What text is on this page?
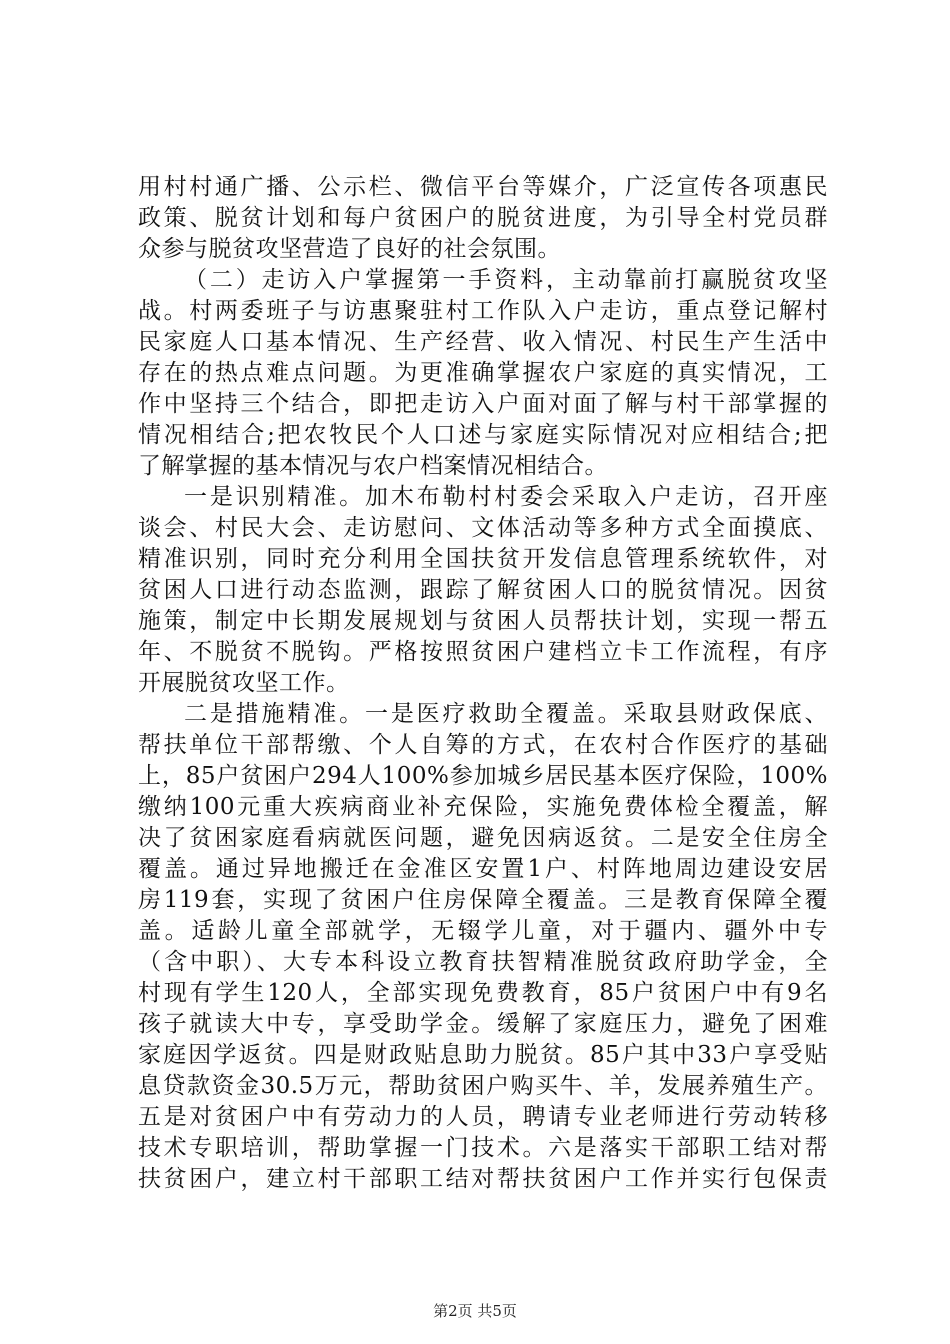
用村村通广播、公示栏、微信平台等媒介，广泛宣传各项惠民
政策、脱贫计划和每户贫困户的脱贫进度，为引导全村党员群
众参与脱贫攻坚营造了良好的社会氛围。
（二）走访入户掌握第一手资料，主动靠前打赢脱贫攻坚
战。村两委班子与访惠聚驻村工作队入户走访，重点登记解村
民家庭人口基本情况、生产经营、收入情况、村民生产生活中
存在的热点难点问题。为更准确掌握农户家庭的真实情况，工
作中坚持三个结合，即把走访入户面对面了解与村干部掌握的
情况相结合;把农牧民个人口述与家庭实际情况对应相结合;把
了解掌握的基本情况与农户档案情况相结合。
一是识别精准。加木布勒村村委会采取入户走访，召开座
谈会、村民大会、走访慰问、文体活动等多种方式全面摸底、
精准识别，同时充分利用全国扶贫开发信息管理系统软件，对
贫困人口进行动态监测，跟踪了解贫困人口的脱贫情况。因贫
施策，制定中长期发展规划与贫困人员帮扶计划，实现一帮五
年、不脱贫不脱钩。严格按照贫困户建档立卡工作流程，有序
开展脱贫攻坚工作。
二是措施精准。一是医疗救助全覆盖。采取县财政保底、
帮扶单位干部帮缴、个人自筹的方式，在农村合作医疗的基础
上，85户贫困户294人100%参加城乡居民基本医疗保险，100%
缴纳100元重大疾病商业补充保险，实施免费体检全覆盖，解
决了贫困家庭看病就医问题，避免因病返贫。二是安全住房全
覆盖。通过异地搬迁在金准区安置1户、村阵地周边建设安居
房119套，实现了贫困户住房保障全覆盖。三是教育保障全覆
盖。适龄儿童全部就学，无辍学儿童，对于疆内、疆外中专
（含中职）、大专本科设立教育扶智精准脱贫政府助学金，全
村现有学生120人，全部实现免费教育，85户贫困户中有9名
孩子就读大中专，享受助学金。缓解了家庭压力，避免了困难
家庭因学返贫。四是财政贴息助力脱贫。85户其中33户享受贴
息贷款资金30.5万元，帮助贫困户购买牛、羊，发展养殖生产。
五是对贫困户中有劳动力的人员，聘请专业老师进行劳动转移
技术专职培训，帮助掌握一门技术。六是落实干部职工结对帮
扶贫困户，建立村干部职工结对帮扶贫困户工作并实行包保责
第2页 共5页
